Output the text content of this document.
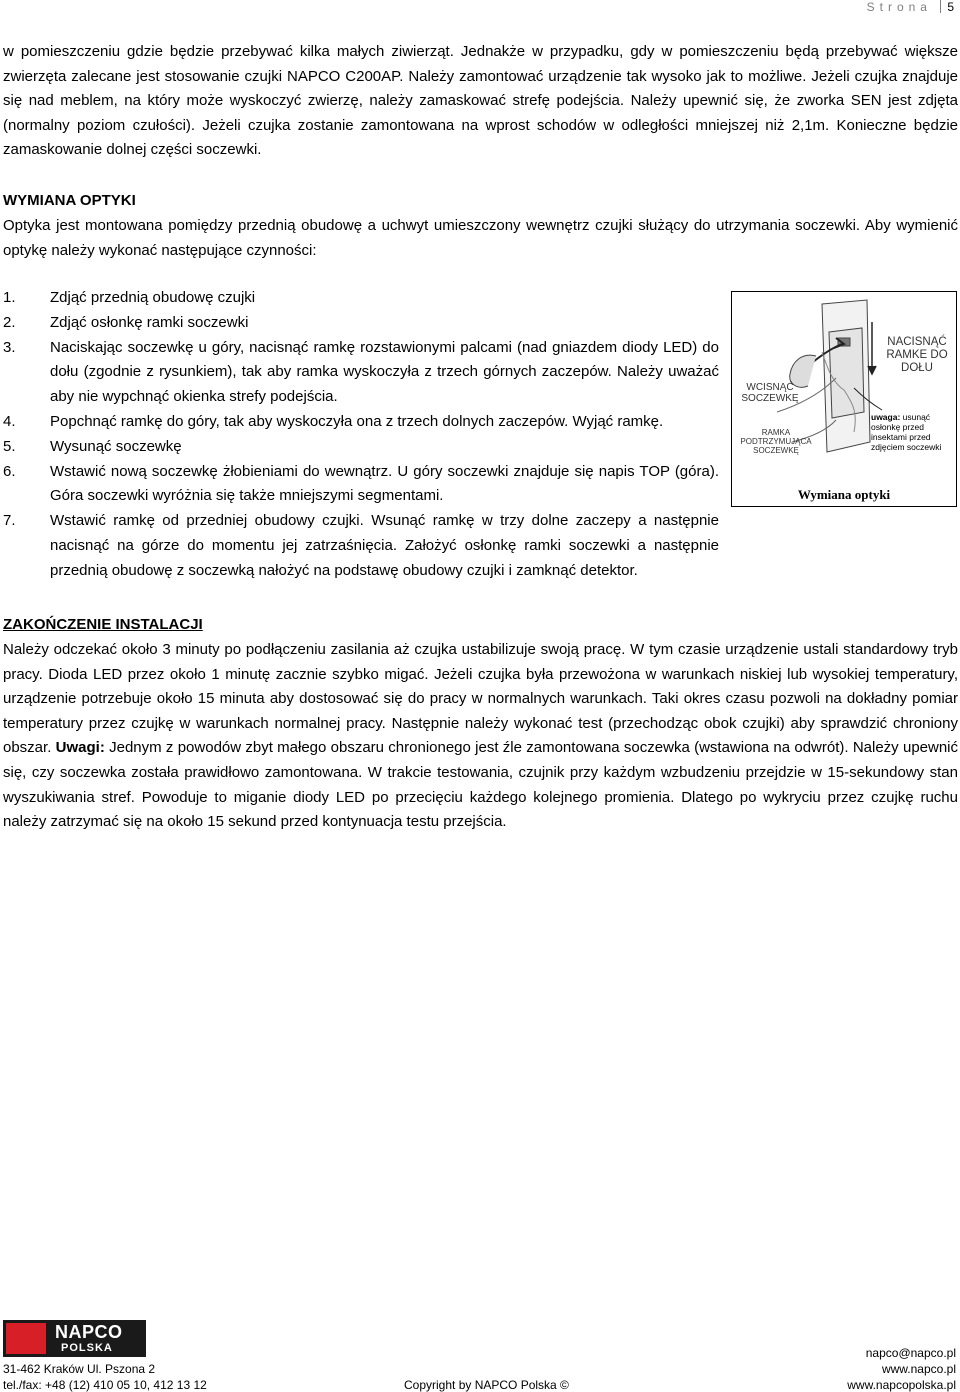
Strona 5

w pomieszczeniu gdzie będzie przebywać kilka małych ziwierząt. Jednakże w przypadku, gdy w pomieszczeniu będą przebywać większe zwierzęta zalecane jest stosowanie czujki NAPCO C200AP. Należy zamontować urządzenie tak wysoko jak to możliwe. Jeżeli czujka znajduje się nad meblem, na który może wyskoczyć zwierzę, należy zamaskować strefę podejścia. Należy upewnić się, że zworka SEN jest zdjęta (normalny poziom czułości). Jeżeli czujka zostanie zamontowana na wprost schodów w odległości mniejszej niż 2,1m. Konieczne będzie zamaskowanie dolnej części soczewki.

WYMIANA OPTYKI

Optyka jest montowana pomiędzy przednią obudowę a uchwyt umieszczony wewnętrz czujki służący do utrzymania soczewki. Aby wymienić optykę należy wykonać następujące czynności:

1. Zdjąć przednią obudowę czujki
2. Zdjąć osłonkę ramki soczewki
3. Naciskając soczewkę u góry, nacisnąć ramkę rozstawionymi palcami (nad gniazdem diody LED) do dołu (zgodnie z rysunkiem), tak aby ramka wyskoczyła z trzech górnych zaczepów. Należy uważać aby nie wypchnąć okienka strefy podejścia.
4. Popchnąć ramkę do góry, tak aby wyskoczyła ona z trzech dolnych zaczepów. Wyjąć ramkę.
5. Wysunąć soczewkę
6. Wstawić nową soczewkę żłobieniami do wewnątrz. U góry soczewki znajduje się napis TOP (góra). Góra soczewki wyróżnia się także mniejszymi segmentami.
7. Wstawić ramkę od przedniej obudowy czujki. Wsunąć ramkę w trzy dolne zaczepy a następnie nacisnąć na górze do momentu jej zatrzaśnięcia. Założyć osłonkę ramki soczewki a następnie przednią obudowę z soczewką nałożyć na podstawę obudowy czujki i zamknąć detektor.
NACISNĄĆ RAMKE DO DOŁU
WCISNĄĆ SOCZEWKĘ
RAMKA PODTRZYMUJĄCA SOCZEWKĘ
uwaga: usunąć osłonkę przed insektami przed zdjęciem soczewki
Wymiana optyki

ZAKOŃCZENIE INSTALACJI

Należy odczekać około 3 minuty po podłączeniu zasilania aż czujka ustabilizuje swoją pracę. W tym czasie urządzenie ustali standardowy tryb pracy. Dioda LED przez około 1 minutę zacznie szybko migać. Jeżeli czujka była przewożona w warunkach niskiej lub wysokiej temperatury, urządzenie potrzebuje około 15 minuta aby dostosować się do pracy w normalnych warunkach. Taki okres czasu pozwoli na dokładny pomiar temperatury przez czujkę w warunkach normalnej pracy. Następnie należy wykonać test (przechodząc obok czujki) aby sprawdzić chroniony obszar. Uwagi: Jednym z powodów zbyt małego obszaru chronionego jest źle zamontowana soczewka (wstawiona na odwrót). Należy upewnić się, czy soczewka została prawidłowo zamontowana. W trakcie testowania, czujnik przy każdym wzbudzeniu przejdzie w 15-sekundowy stan wyszukiwania stref. Powoduje to miganie diody LED po przecięciu każdego kolejnego promienia. Dlatego po wykryciu przez czujkę ruchu należy zatrzymać się na około 15 sekund przed kontynuacja testu przejścia.

NAPCO
POLSKA
31-462 Kraków Ul. Pszona 2
tel./fax: +48 (12) 410 05 10, 412 13 12	Copyright by NAPCO Polska ©
napco@napco.pl
www.napco.pl
www.napcopolska.pl
